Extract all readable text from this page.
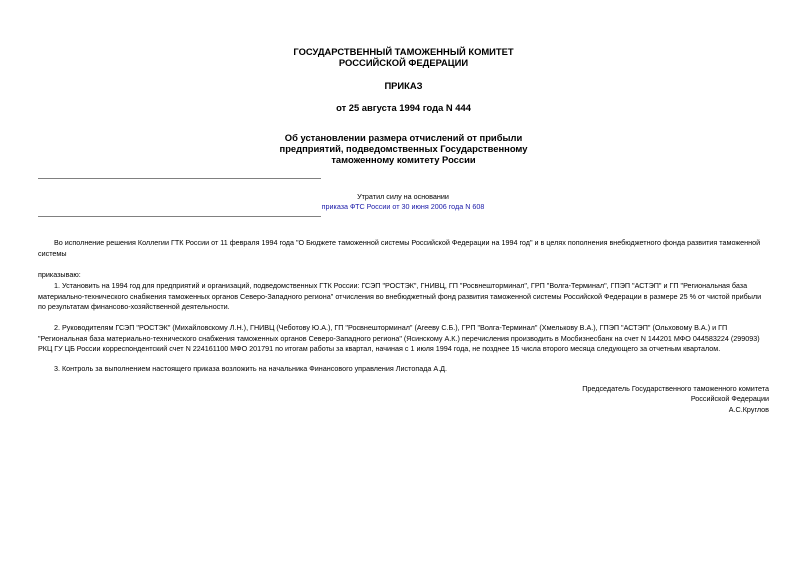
ГОСУДАРСТВЕННЫЙ ТАМОЖЕННЫЙ КОМИТЕТ
РОССИЙСКОЙ ФЕДЕРАЦИИ
ПРИКАЗ
от 25 августа 1994 года N 444
Об установлении размера отчислений от прибыли
предприятий, подведомственных Государственному
таможенному комитету России
Утратил силу на основании
приказа ФТС России от 30 июня 2006 года N 608
Во исполнение решения Коллегии ГТК России от 11 февраля 1994 года "О Бюджете таможенной системы Российской Федерации на 1994 год" и в целях пополнения внебюджетного фонда развития таможенной
системы
приказываю:
1. Установить на 1994 год для предприятий и организаций, подведомственных ГТК России: ГСЭП "РОСТЭК", ГНИВЦ, ГП "Росвнешторминал", ГРП "Волга-Терминал", ГПЭП "АСТЭП" и ГП "Региональная база
материально-технического снабжения таможенных органов Северо-Западного региона" отчисления во внебюджетный фонд развития таможенной системы Российской Федерации в размере 25 % от чистой прибыли
по результатам финансово-хозяйственной деятельности.
2. Руководителям ГСЭП "РОСТЭК" (Михайловскому Л.Н.), ГНИВЦ (Чеботову Ю.А.), ГП "Росвнешторминал" (Агееву С.Б.), ГРП "Волга-Терминал" (Хмелькову В.А.), ГПЭП "АСТЭП" (Ольховому В.А.) и ГП
"Региональная база материально-технического снабжения таможенных органов Северо-Западного региона" (Ясинскому А.К.) перечисления производить в Мосбизнесбанк на счет N 144201 МФО 044583224 (299093)
РКЦ ГУ ЦБ России корреспондентский счет N 224161100 МФО 201791 по итогам работы за квартал, начиная с 1 июля 1994 года, не позднее 15 числа второго месяца следующего за отчетным кварталом.
3. Контроль за выполнением настоящего приказа возложить на начальника Финансового управления Листопада А.Д.
Председатель Государственного таможенного комитета
Российской Федерации
А.С.Круглов
